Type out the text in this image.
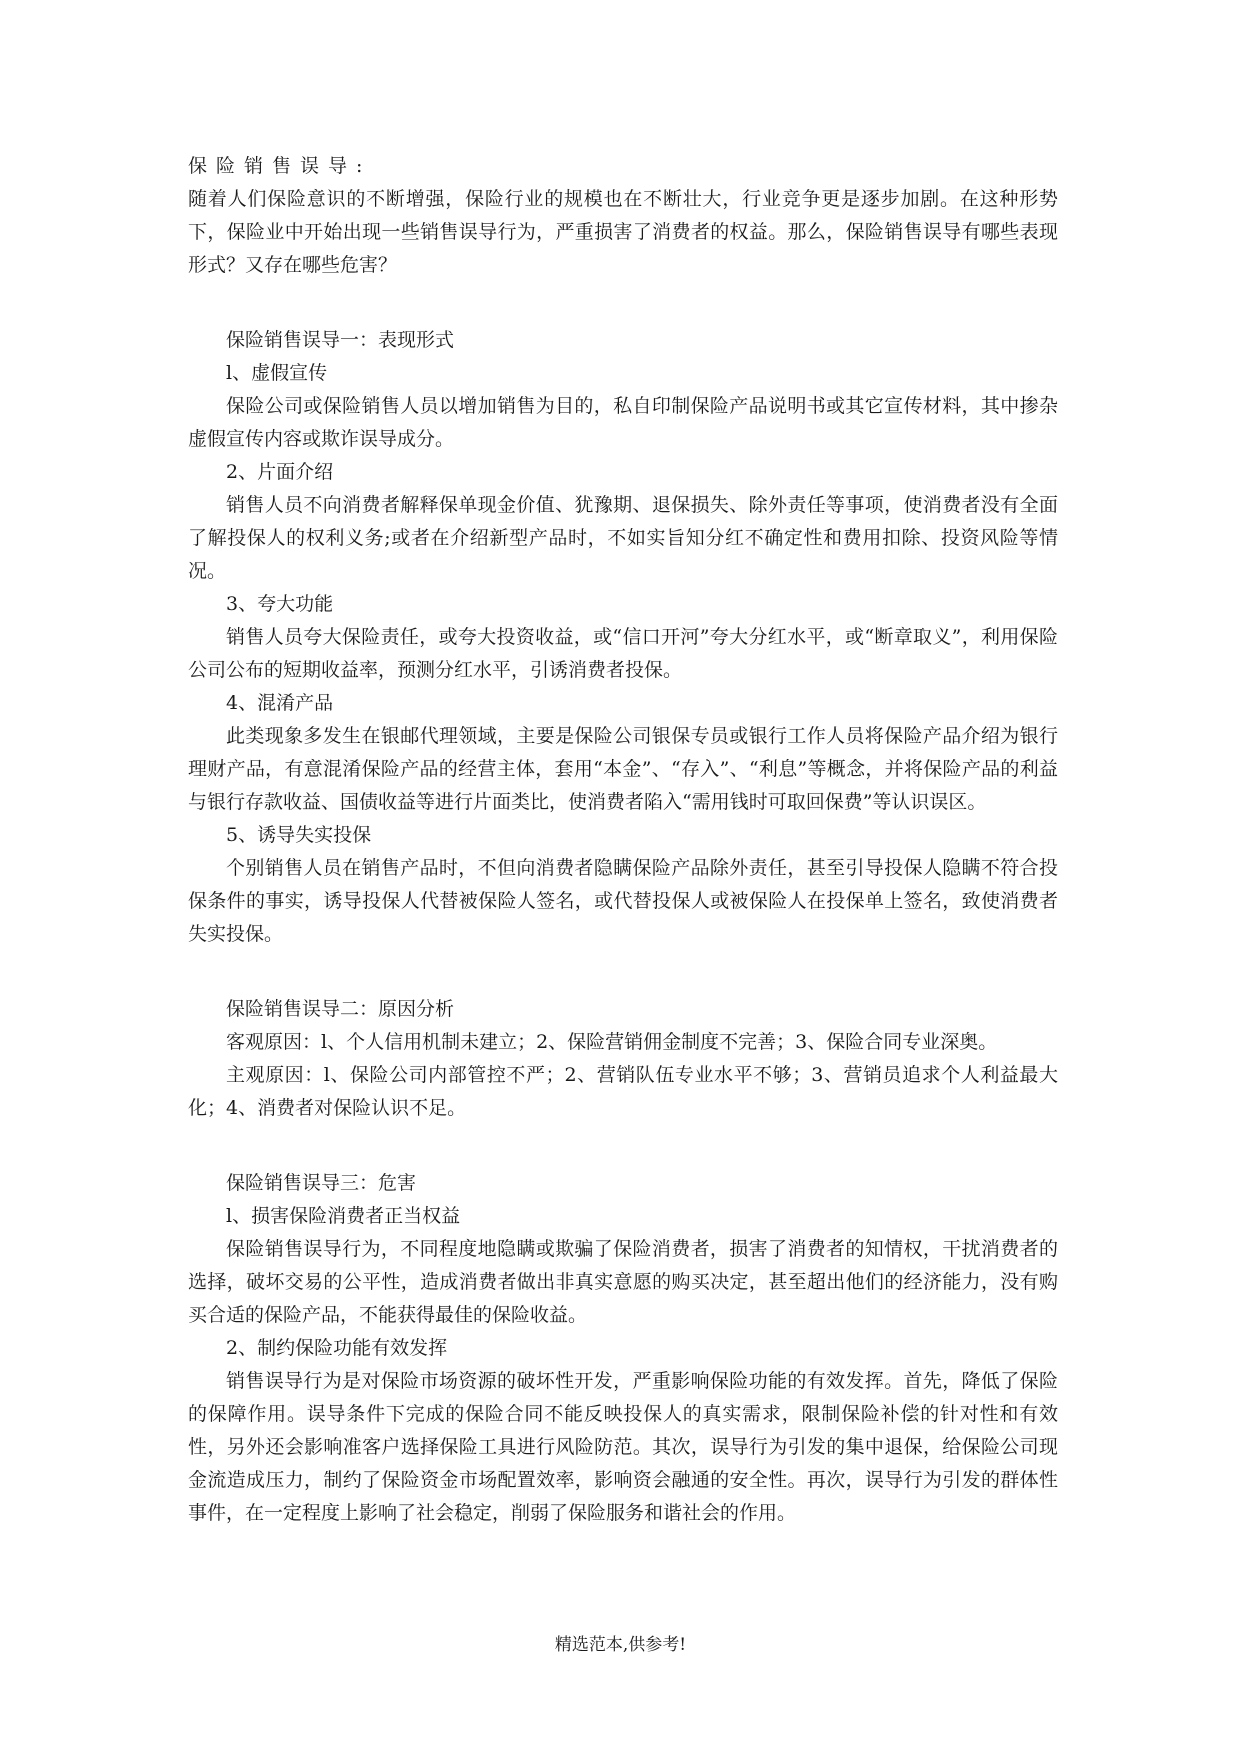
保险销售误导:

随着人们保险意识的不断增强，保险行业的规模也在不断壮大，行业竞争更是逐步加剧。在这种形势下，保险业中开始出现一些销售误导行为，严重损害了消费者的权益。那么，保险销售误导有哪些表现形式？又存在哪些危害？

保险销售误导一：表现形式

l、虚假宣传

保险公司或保险销售人员以增加销售为目的，私自印制保险产品说明书或其它宣传材料，其中掺杂虚假宣传内容或欺诈误导成分。

2、片面介绍

销售人员不向消费者解释保单现金价值、犹豫期、退保损失、除外责任等事项，使消费者没有全面了解投保人的权利义务;或者在介绍新型产品时，不如实旨知分红不确定性和费用扣除、投资风险等情况。

3、夸大功能

销售人员夸大保险责任，或夸大投资收益，或“信口开河”夸大分红水平，或“断章取义”，利用保险公司公布的短期收益率，预测分红水平，引诱消费者投保。

4、混淆产品

此类现象多发生在银邮代理领域，主要是保险公司银保专员或银行工作人员将保险产品介绍为银行理财产品，有意混淆保险产品的经营主体，套用“本金”、“存入”、“利息”等概念，并将保险产品的利益与银行存款收益、国债收益等进行片面类比，使消费者陷入“需用钱时可取回保费”等认识误区。

5、诱导失实投保

个别销售人员在销售产品时，不但向消费者隐瞒保险产品除外责任，甚至引导投保人隐瞒不符合投保条件的事实，诱导投保人代替被保险人签名，或代替投保人或被保险人在投保单上签名，致使消费者失实投保。

保险销售误导二：原因分析

客观原因：l、个人信用机制未建立；2、保险营销佣金制度不完善；3、保险合同专业深奥。

主观原因：l、保险公司内部管控不严；2、营销队伍专业水平不够；3、营销员追求个人利益最大化；4、消费者对保险认识不足。

保险销售误导三：危害

l、损害保险消费者正当权益

保险销售误导行为，不同程度地隐瞒或欺骗了保险消费者，损害了消费者的知情权，干扰消费者的选择，破坏交易的公平性，造成消费者做出非真实意愿的购买决定，甚至超出他们的经济能力，没有购买合适的保险产品，不能获得最佳的保险收益。

2、制约保险功能有效发挥

销售误导行为是对保险市场资源的破坏性开发，严重影响保险功能的有效发挥。首先，降低了保险的保障作用。误导条件下完成的保险合同不能反映投保人的真实需求，限制保险补偿的针对性和有效性，另外还会影响准客户选择保险工具进行风险防范。其次，误导行为引发的集中退保，给保险公司现金流造成压力，制约了保险资金市场配置效率，影响资会融通的安全性。再次，误导行为引发的群体性事件，在一定程度上影响了社会稳定，削弱了保险服务和谐社会的作用。

精选范本,供参考!
